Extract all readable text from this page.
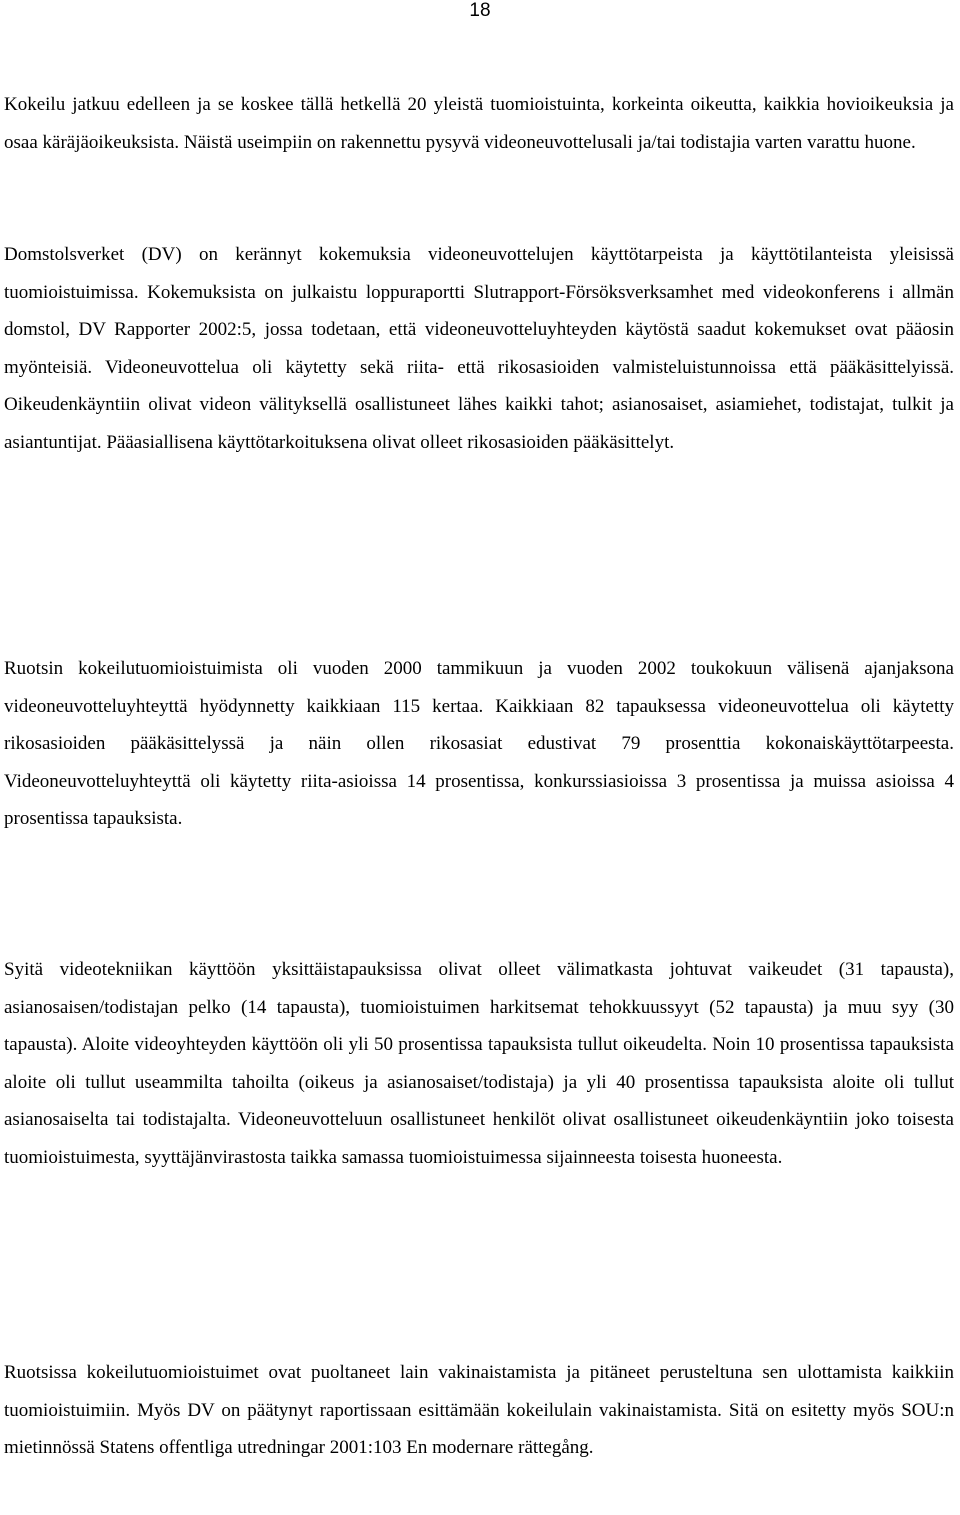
18

Kokeilu jatkuu edelleen ja se koskee tällä hetkellä 20 yleistä tuomioistuinta, korkeinta oikeutta, kaikkia hovioikeuksia ja osaa käräjäoikeuksista. Näistä useimpiin on rakennettu pysyvä videoneuvottelusali ja/tai todistajia varten varattu huone.

Domstolsverket (DV) on kerännyt kokemuksia videoneuvottelujen käyttötarpeista ja käyttötilanteista yleisissä tuomioistuimissa. Kokemuksista on julkaistu loppuraportti Slutrapport-Försöksverksamhet med videokonferens i allmän domstol, DV Rapporter 2002:5, jossa todetaan, että videoneuvotteluyhteyden käytöstä saadut kokemukset ovat pääosin myönteisiä. Videoneuvottelua oli käytetty sekä riita- että rikosasioiden valmisteluistunnoissa että pääkäsittelyissä. Oikeudenkäyntiin olivat videon välityksellä osallistuneet lähes kaikki tahot; asianosaiset, asiamiehet, todistajat, tulkit ja asiantuntijat. Pääasiallisena käyttötarkoituksena olivat olleet rikosasioiden pääkäsittelyt.

Ruotsin kokeilutuomioistuimista oli vuoden 2000 tammikuun ja vuoden 2002 toukokuun välisenä ajanjaksona videoneuvotteluyhteyttä hyödynnetty kaikkiaan 115 kertaa. Kaikkiaan 82 tapauksessa videoneuvottelua oli käytetty rikosasioiden pääkäsittelyssä ja näin ollen rikosasiat edustivat 79 prosenttia kokonaiskäyttötarpeesta. Videoneuvotteluyhteyttä oli käytetty riita-asioissa 14 prosentissa, konkurssiasioissa 3 prosentissa ja muissa asioissa 4 prosentissa tapauksista.

Syitä videotekniikan käyttöön yksittäistapauksissa olivat olleet välimatkasta johtuvat vaikeudet (31 tapausta), asianosaisen/todistajan pelko (14 tapausta), tuomioistuimen harkitsemat tehokkuussyyt (52 tapausta) ja muu syy (30 tapausta). Aloite videoyhteyden käyttöön oli yli 50 prosentissa tapauksista tullut oikeudelta. Noin 10 prosentissa tapauksista aloite oli tullut useammilta tahoilta (oikeus ja asianosaiset/todistaja) ja yli 40 prosentissa tapauksista aloite oli tullut asianosaiselta tai todistajalta. Videoneuvotteluun osallistuneet henkilöt olivat osallistuneet oikeudenkäyntiin joko toisesta tuomioistuimesta, syyttäjänvirastosta taikka samassa tuomioistuimessa sijainneesta toisesta huoneesta.

Ruotsissa kokeilutuomioistuimet ovat puoltaneet lain vakinaistamista ja pitäneet perusteltuna sen ulottamista kaikkiin tuomioistuimiin. Myös DV on päätynyt raportissaan esittämään kokeilulain vakinaistamista. Sitä on esitetty myös SOU:n mietinnössä Statens offentliga utredningar 2001:103 En modernare rättegång.
